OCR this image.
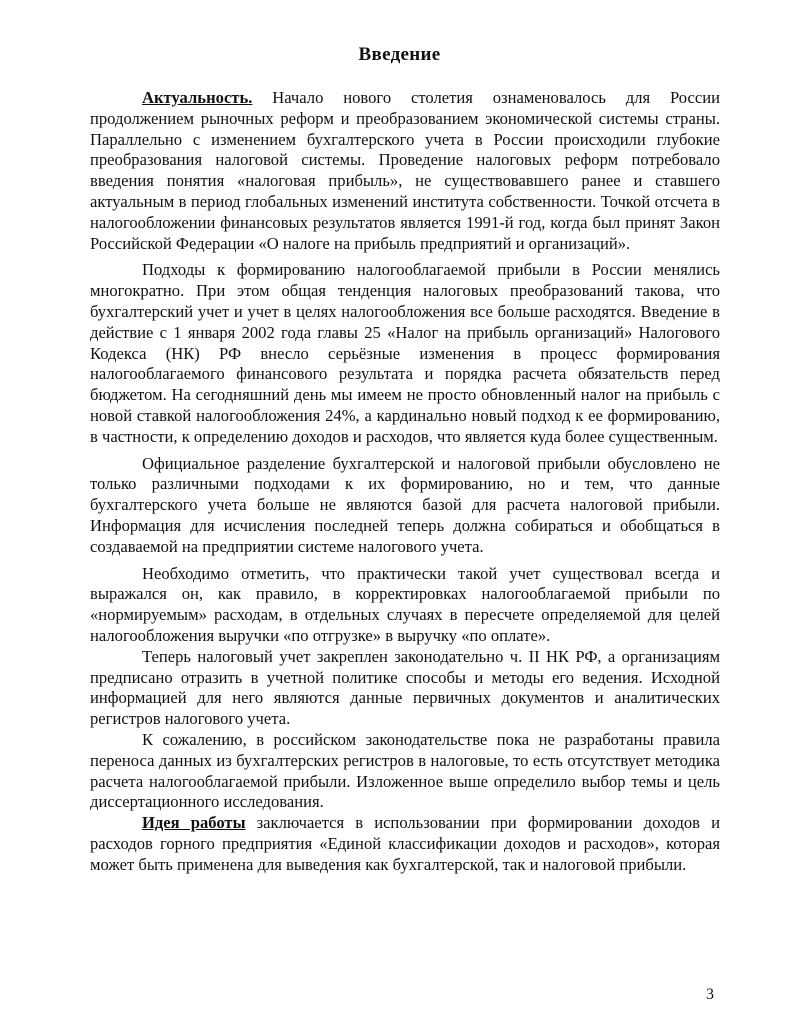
Введение

Актуальность. Начало нового столетия ознаменовалось для России продолжением рыночных реформ и преобразованием экономической системы страны. Параллельно с изменением бухгалтерского учета в России происходили глубокие преобразования налоговой системы. Проведение налоговых реформ потребовало введения понятия «налоговая прибыль», не существовавшего ранее и ставшего актуальным в период глобальных изменений института собственности. Точкой отсчета в налогообложении финансовых результатов является 1991-й год, когда был принят Закон Российской Федерации «О налоге на прибыль предприятий и организаций».

Подходы к формированию налогооблагаемой прибыли в России менялись многократно. При этом общая тенденция налоговых преобразований такова, что бухгалтерский учет и учет в целях налогообложения все больше расходятся. Введение в действие с 1 января 2002 года главы 25 «Налог на прибыль организаций» Налогового Кодекса (НК) РФ внесло серьёзные изменения в процесс формирования налогооблагаемого финансового результата и порядка расчета обязательств перед бюджетом. На сегодняшний день мы имеем не просто обновленный налог на прибыль с новой ставкой налогообложения 24%, а кардинально новый подход к ее формированию, в частности, к определению доходов и расходов, что является куда более существенным.

Официальное разделение бухгалтерской и налоговой прибыли обусловлено не только различными подходами к их формированию, но и тем, что данные бухгалтерского учета больше не являются базой для расчета налоговой прибыли. Информация для исчисления последней теперь должна собираться и обобщаться в создаваемой на предприятии системе налогового учета.

Необходимо отметить, что практически такой учет существовал всегда и выражался он, как правило, в корректировках налогооблагаемой прибыли по «нормируемым» расходам, в отдельных случаях в пересчете определяемой для целей налогообложения выручки «по отгрузке» в выручку «по оплате».

Теперь налоговый учет закреплен законодательно ч. II НК РФ, а организациям предписано отразить в учетной политике способы и методы его ведения. Исходной информацией для него являются данные первичных документов и аналитических регистров налогового учета.

К сожалению, в российском законодательстве пока не разработаны правила переноса данных из бухгалтерских регистров в налоговые, то есть отсутствует методика расчета налогооблагаемой прибыли. Изложенное выше определило выбор темы и цель диссертационного исследования.

Идея работы заключается в использовании при формировании доходов и расходов горного предприятия «Единой классификации доходов и расходов», которая может быть применена для выведения как бухгалтерской, так и налоговой прибыли.

3
